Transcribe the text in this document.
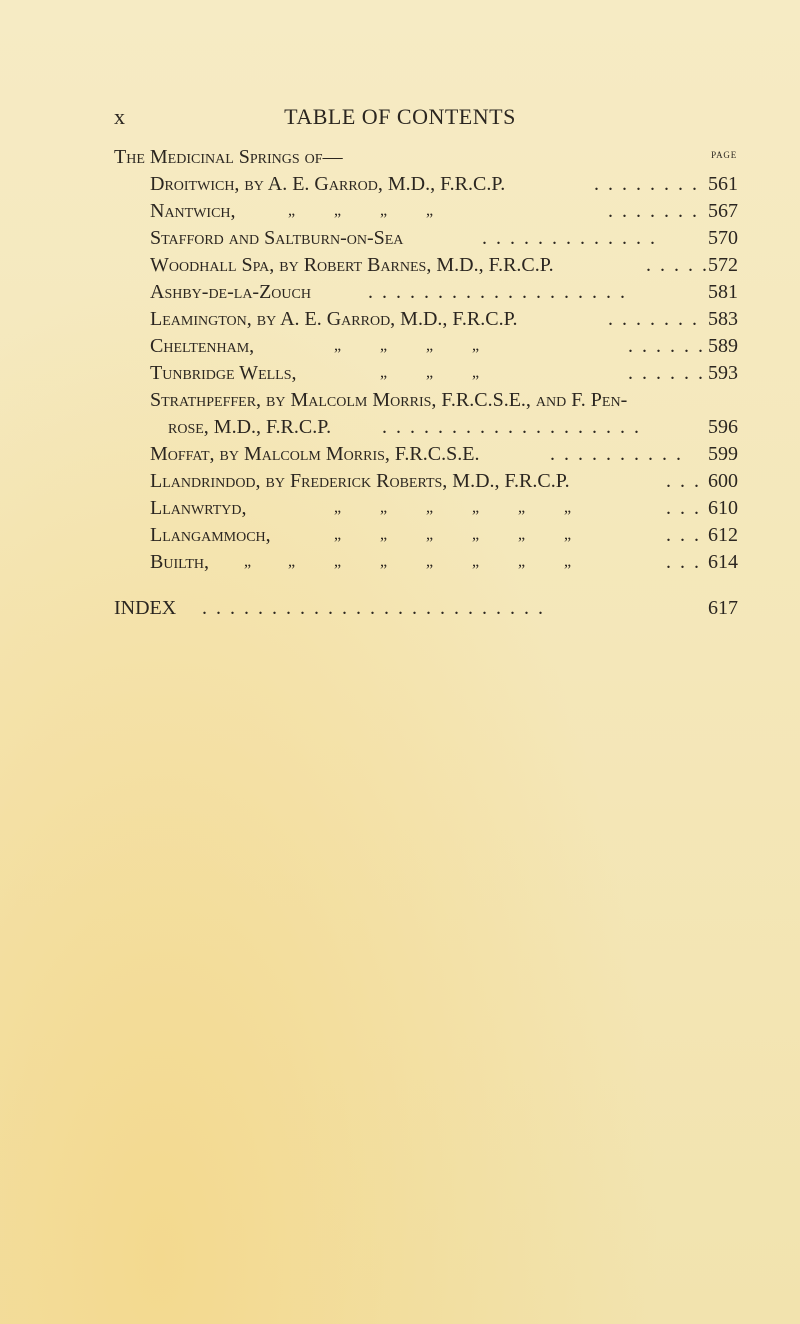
x	TABLE OF CONTENTS
The Medicinal Springs of—	PAGE
Droitwich, by A. E. Garrod, M.D., F.R.C.P.	. . . . . . . . 561
Nantwich,	„ „ „ „	. . . . . . . 567
Stafford and Saltburn-on-Sea	. . . . . . . . . . . . .	570
Woodhall Spa, by Robert Barnes, M.D., F.R.C.P.	. . . . . 572
Ashby-de-la-Zouch	. . . . . . . . . . . . . . . . . . .	581
Leamington, by A. E. Garrod, M.D., F.R.C.P.	. . . . . . . 583
Cheltenham,	„ „ „ „	. . . . . . 589
Tunbridge Wells,	„ „ „	. . . . . . 593
Strathpeffer, by Malcolm Morris, F.R.C.S.E., and F. Pen-
rose, M.D., F.R.C.P.	. . . . . . . . . . . . . . . . . . .	596
Moffat, by Malcolm Morris, F.R.C.S.E.	. . . . . . . . . . 599
Llandrindod, by Frederick Roberts, M.D., F.R.C.P.	. . . 600
Llanwrtyd,	„ „ „ „ „ „	. . . 610
Llangammoch,	„ „ „ „ „ „	. . . 612
Builth, „ „ „ „ „ „ „ „	. . . 614
INDEX . . . . . . . . . . . . . . . . . . . . . . . . .	617
